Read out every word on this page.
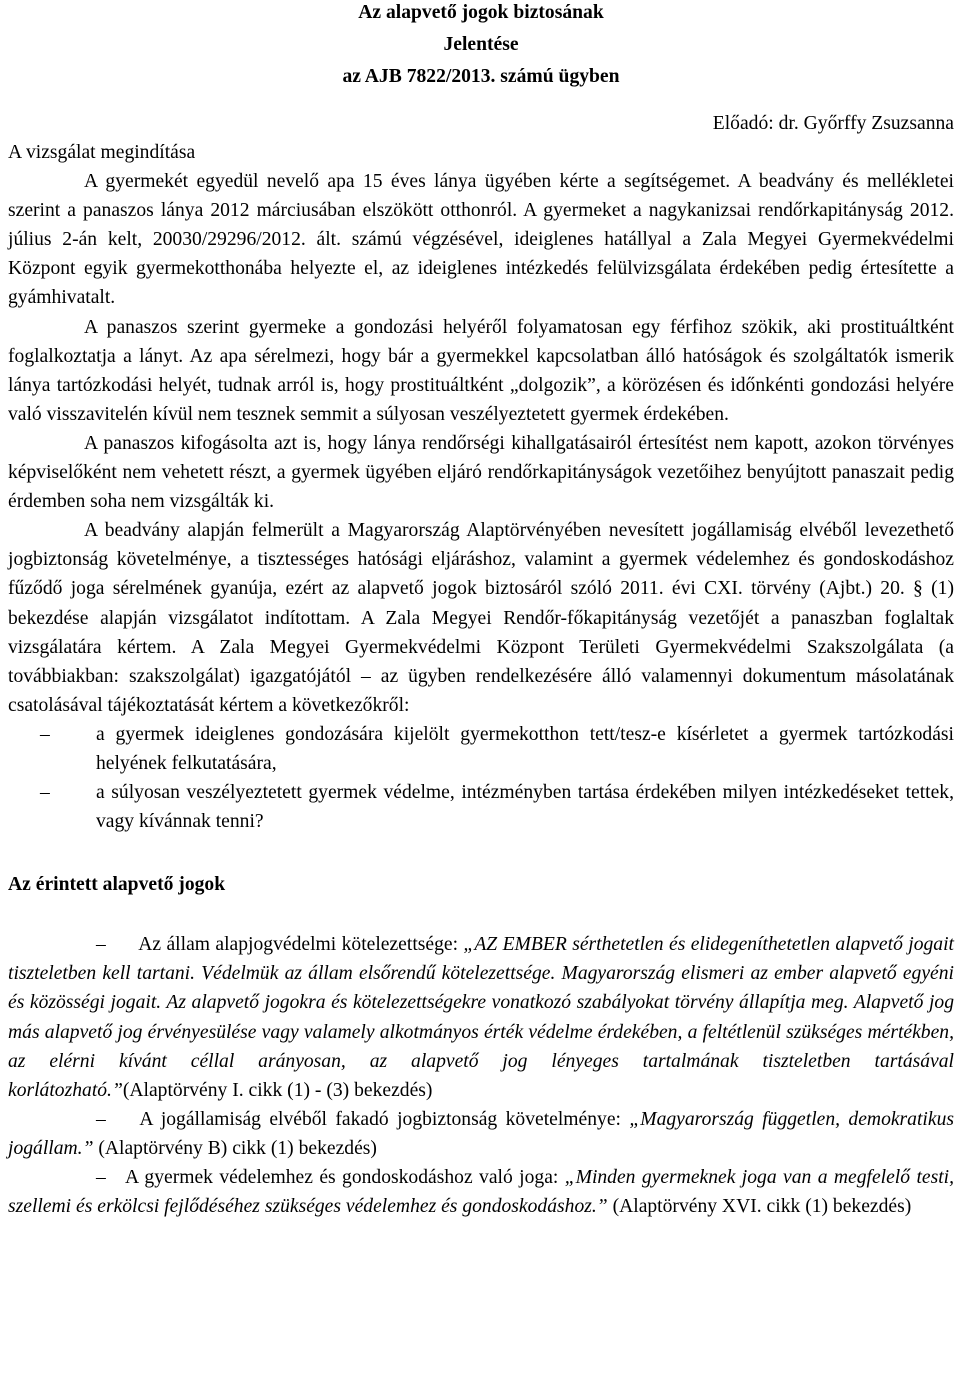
Az alapvető jogok biztosának
Jelentése
az AJB 7822/2013. számú ügyben
Előadó: dr. Győrffy Zsuzsanna
A vizsgálat megindítása

A gyermekét egyedül nevelő apa 15 éves lánya ügyében kérte a segítségemet. A beadvány és mellékletei szerint a panaszos lánya 2012 márciusában elszökött otthonról. A gyermeket a nagykanizsai rendőrkapitányság 2012. július 2-án kelt, 20030/29296/2012. ált. számú végzésével, ideiglenes hatállyal a Zala Megyei Gyermekvédelmi Központ egyik gyermekotthonába helyezte el, az ideiglenes intézkedés felülvizsgálata érdekében pedig értesítette a gyámhivatalt.

A panaszos szerint gyermeke a gondozási helyéről folyamatosan egy férfihoz szökik, aki prostituáltként foglalkoztatja a lányt. Az apa sérelmezi, hogy bár a gyermekkel kapcsolatban álló hatóságok és szolgáltatók ismerik lánya tartózkodási helyét, tudnak arról is, hogy prostituáltként „dolgozik”, a körözésen és időnkénti gondozási helyére való visszavitelén kívül nem tesznek semmit a súlyosan veszélyeztetett gyermek érdekében.

A panaszos kifogásolta azt is, hogy lánya rendőrségi kihallgatásairól értesítést nem kapott, azokon törvényes képviselőként nem vehetett részt, a gyermek ügyében eljáró rendőrkapitányságok vezetőihez benyújtott panaszait pedig érdemben soha nem vizsgálták ki.

A beadvány alapján felmerült a Magyarország Alaptörvényében nevesített jogállamiság elvéből levezethető jogbiztonság követelménye, a tisztességes hatósági eljáráshoz, valamint a gyermek védelemhez és gondoskodáshoz fűződő joga sérelmének gyanúja, ezért az alapvető jogok biztosáról szóló 2011. évi CXI. törvény (Ajbt.) 20. § (1) bekezdése alapján vizsgálatot indítottam. A Zala Megyei Rendőr-főkapitányság vezetőjét a panaszban foglaltak vizsgálatára kértem. A Zala Megyei Gyermekvédelmi Központ Területi Gyermekvédelmi Szakszolgálata (a továbbiakban: szakszolgálat) igazgatójától – az ügyben rendelkezésére álló valamennyi dokumentum másolatának csatolásával tájékoztatását kértem a következőkről:

– a gyermek ideiglenes gondozására kijelölt gyermekotthon tett/tesz-e kísérletet a gyermek tartózkodási helyének felkutatására,
– a súlyosan veszélyeztetett gyermek védelme, intézményben tartása érdekében milyen intézkedéseket tettek, vagy kívánnak tenni?
Az érintett alapvető jogok

– Az állam alapjogvédelmi kötelezettsége: „AZ EMBER sérthetetlen és elidegeníthetetlen alapvető jogait tiszteletben kell tartani. Védelmük az állam elsőrendű kötelezettsége. Magyarország elismeri az ember alapvető egyéni és közösségi jogait. Az alapvető jogokra és kötelezettségekre vonatkozó szabályokat törvény állapítja meg. Alapvető jog más alapvető jog érvényesülése vagy valamely alkotmányos érték védelme érdekében, a feltétlenül szükséges mértékben, az elérni kívánt céllal arányosan, az alapvető jog lényeges tartalmának tiszteletben tartásával korlátozható.”(Alaptörvény I. cikk (1) - (3) bekezdés)

– A jogállamiság elvéből fakadó jogbiztonság követelménye: „Magyarország független, demokratikus jogállam.” (Alaptörvény B) cikk (1) bekezdés)

– A gyermek védelemhez és gondoskodáshoz való joga: „Minden gyermeknek joga van a megfelelő testi, szellemi és erkölcsi fejlődéséhez szükséges védelemhez és gondoskodáshoz.” (Alaptörvény XVI. cikk (1) bekezdés)
